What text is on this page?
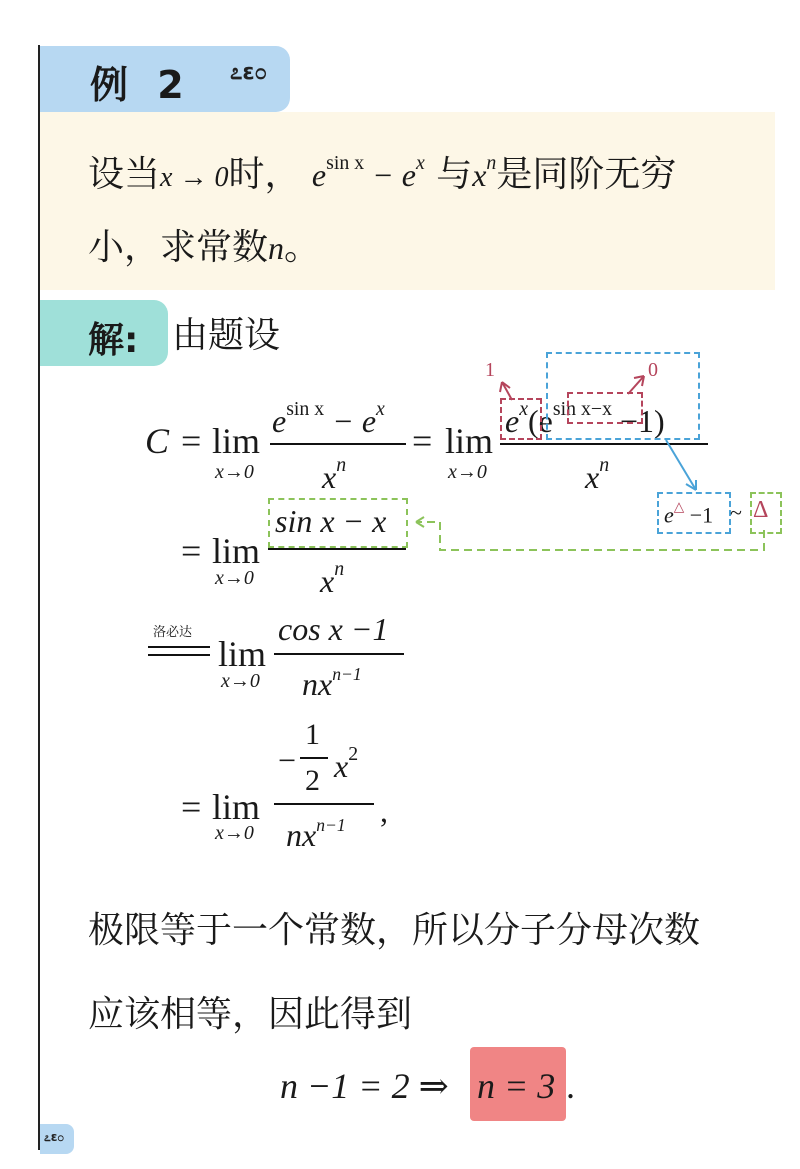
例 2 ೭ε೦
设当x → 0时， $e^{sin x} - e^x$ 与$x^n$是同阶无穷
小，求常数n。
解: 由题设
C = lim
x→0
$e^{sin x} - e^x$
$x^n$
= lim
x→0
$e^x(e^{sin x-x} -1)$
$x^n$
1	0
e△ −1 ~ Δ
= lim
x→0
sin x − x
$x^n$
洛必达
lim
x→0
cos x −1
$nx^{n-1}$
= lim
x→0
−
1
2 $x^2$
$nx^{n-1}$ ,
极限等于一个常数，所以分子分母次数
应该相等，因此得到
n −1 = 2 ⇒ n = 3 .
೭ε೦
